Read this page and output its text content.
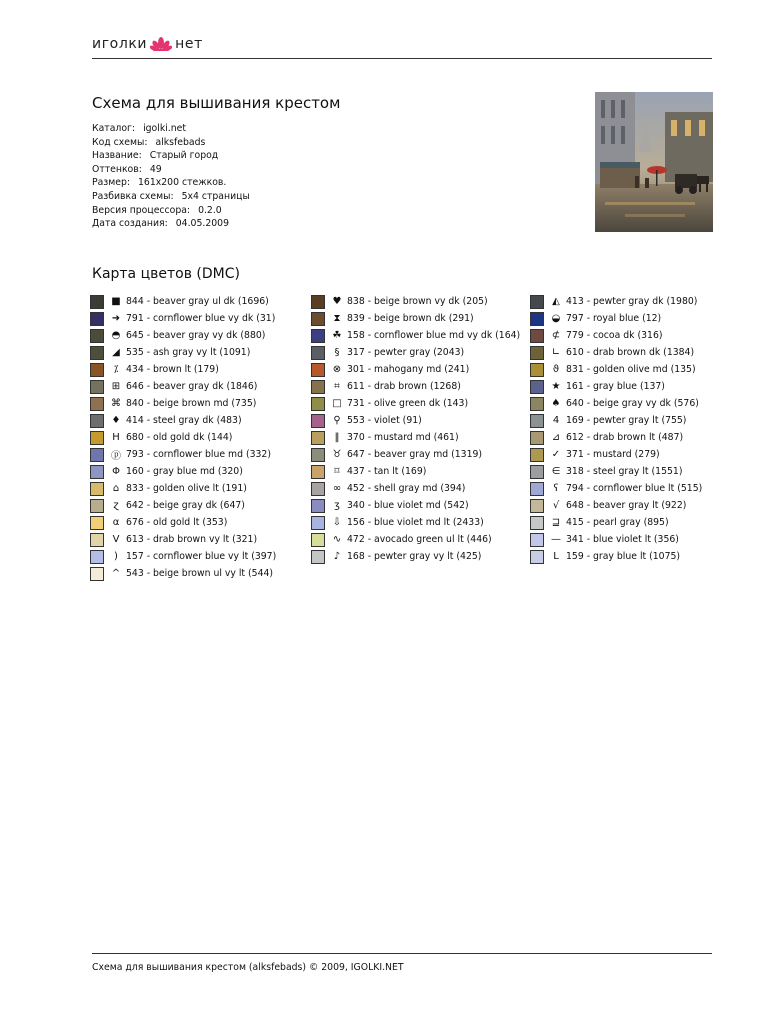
иголки нет
Схема для вышивания крестом
Каталог: igolki.net
Код схемы: alksfebads
Название: Старый город
Оттенков: 49
Размер: 161x200 стежков.
Разбивка схемы: 5x4 страницы
Версия процессора: 0.2.0
Дата создания: 04.05.2009
Карта цветов (DMC)
■ 844 - beaver gray ul dk (1696)
➜ 791 - cornflower blue vy dk (31)
◓ 645 - beaver gray vy dk (880)
◢ 535 - ash gray vy lt (1091)
⁒ 434 - brown lt (179)
⊞ 646 - beaver gray dk (1846)
⌘ 840 - beige brown md (735)
♦ 414 - steel gray dk (483)
H 680 - old gold dk (144)
ⓟ 793 - cornflower blue md (332)
Φ 160 - gray blue md (320)
⌂ 833 - golden olive lt (191)
ɀ 642 - beige gray dk (647)
α 676 - old gold lt (353)
V 613 - drab brown vy lt (321)
) 157 - cornflower blue vy lt (397)
^ 543 - beige brown ul vy lt (544)
♥ 838 - beige brown vy dk (205)
⧗ 839 - beige brown dk (291)
☘ 158 - cornflower blue md vy dk (164)
§ 317 - pewter gray (2043)
⊗ 301 - mahogany md (241)
⌗ 611 - drab brown (1268)
□ 731 - olive green dk (143)
⚲ 553 - violet (91)
‖ 370 - mustard md (461)
♉ 647 - beaver gray md (1319)
⌑ 437 - tan lt (169)
∞ 452 - shell gray md (394)
ʒ 340 - blue violet md (542)
⇩ 156 - blue violet md lt (2433)
∿ 472 - avocado green ul lt (446)
♪ 168 - pewter gray vy lt (425)
◭ 413 - pewter gray dk (1980)
◒ 797 - royal blue (12)
⊄ 779 - cocoa dk (316)
∟ 610 - drab brown dk (1384)
ϑ 831 - golden olive md (135)
★ 161 - gray blue (137)
♠ 640 - beige gray vy dk (576)
4 169 - pewter gray lt (755)
⊿ 612 - drab brown lt (487)
✓ 371 - mustard (279)
∈ 318 - steel gray lt (1551)
ʕ 794 - cornflower blue lt (515)
√ 648 - beaver gray lt (922)
⊒ 415 - pearl gray (895)
— 341 - blue violet lt (356)
L 159 - gray blue lt (1075)
Схема для вышивания крестом (alksfebads) © 2009, IGOLKI.NET
